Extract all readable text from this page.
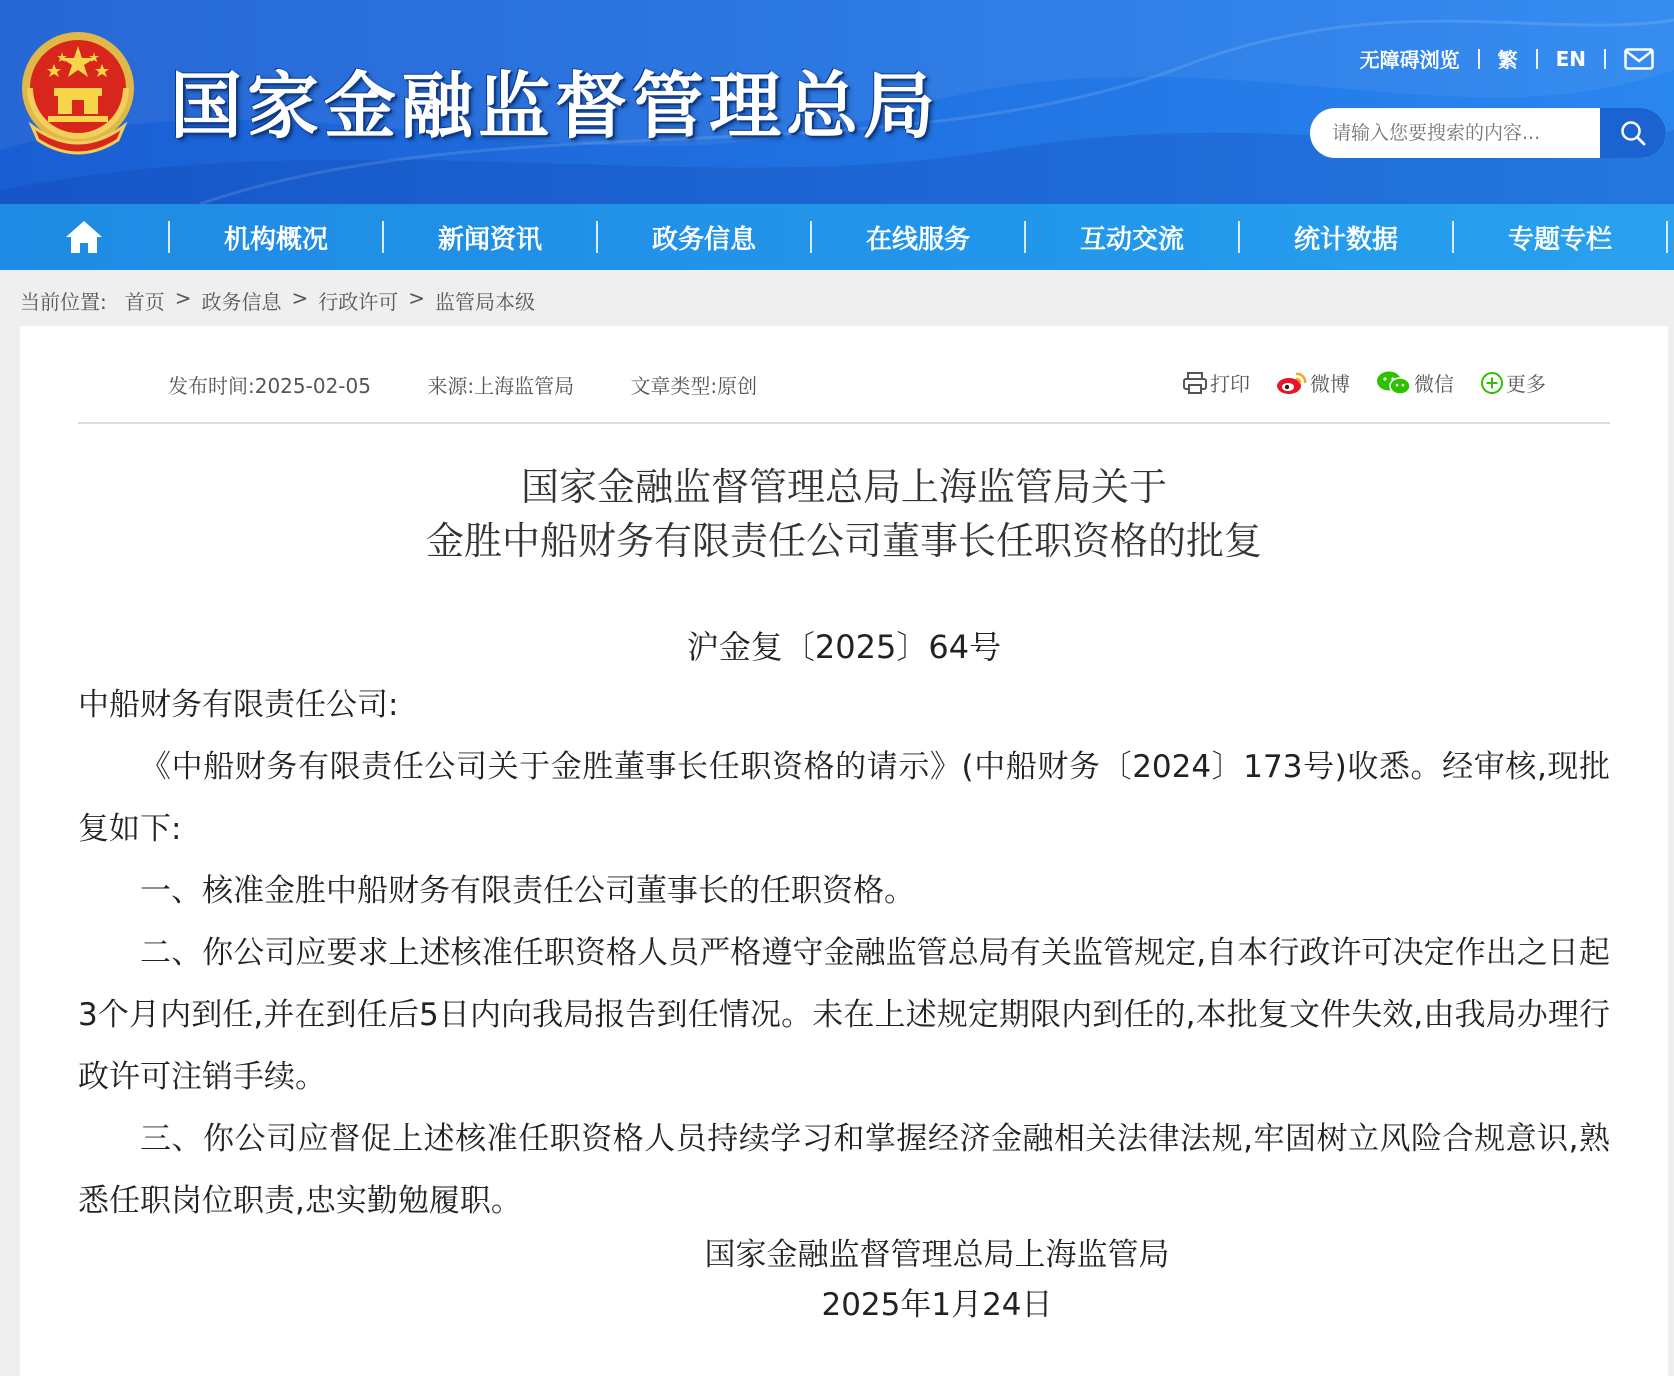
国家金融监督管理总局
无障碍浏览	繁	EN
请输入您要搜索的内容...
机构概况	新闻资讯	政务信息	在线服务	互动交流	统计数据	专题专栏
当前位置: 首页 > 政务信息 > 行政许可 > 监管局本级
发布时间:2025-02-05	来源:上海监管局	文章类型:原创	打印	微博	微信	更多
国家金融监督管理总局上海监管局关于
金胜中船财务有限责任公司董事长任职资格的批复
沪金复〔2025〕64号

中船财务有限责任公司:

《中船财务有限责任公司关于金胜董事长任职资格的请示》(中船财务〔2024〕173号)收悉。经审核,现批复如下:

一、核准金胜中船财务有限责任公司董事长的任职资格。

二、你公司应要求上述核准任职资格人员严格遵守金融监管总局有关监管规定,自本行政许可决定作出之日起3个月内到任,并在到任后5日内向我局报告到任情况。未在上述规定期限内到任的,本批复文件失效,由我局办理行政许可注销手续。

三、你公司应督促上述核准任职资格人员持续学习和掌握经济金融相关法律法规,牢固树立风险合规意识,熟悉任职岗位职责,忠实勤勉履职。

国家金融监督管理总局上海监管局
2025年1月24日
